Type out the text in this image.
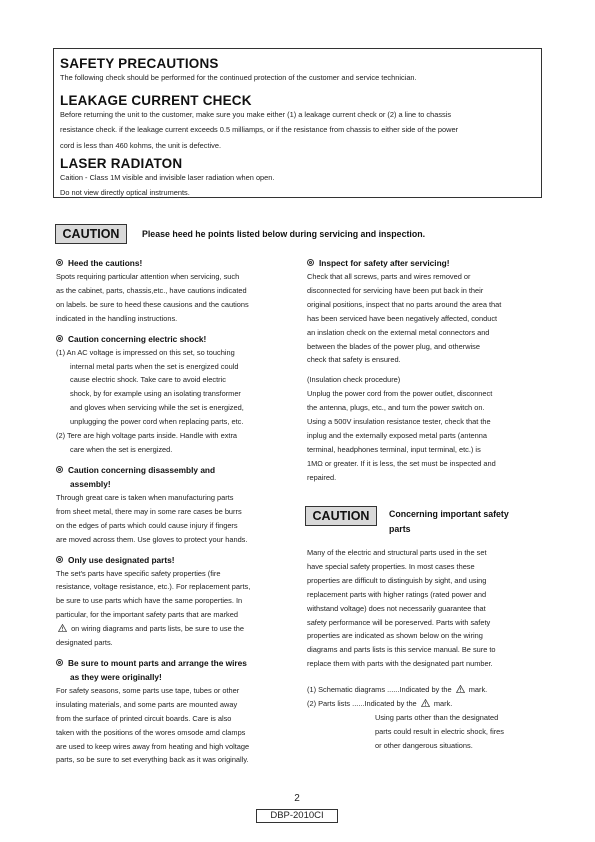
SAFETY PRECAUTIONS
The following check should be performed for the continued protection of the customer and service technician.
LEAKAGE CURRENT CHECK
Before returning the unit to the customer, make sure you make either (1) a leakage current check or (2) a line to chassis
resistance check. if the leakage current exceeds 0.5 milliamps, or if the resistance from chassis to either side of the power
cord is less than 460 kohms, the unit is defective.
LASER RADIATON
Caition - Class 1M visible and invisible laser radiation when open.
Do not view directly optical instruments.
CAUTION	Please heed he points listed below during servicing and inspection.
Heed the cautions!

Spots requiring particular attention when servicing, such

as the cabinet, parts, chassis,etc., have cautions indicated

on labels. be sure to heed these causions and the cautions

indicated in the handling instructions.

Caution concerning electric shock!

(1) An AC voltage is impressed on this set, so touching

internal metal parts when the set is energized could

cause electric shock. Take care to avoid electric

shock, by for example using an isolating transformer

and gloves when servicing while the set is energized,

unplugging the power cord when replacing parts, etc.

(2) Tere are high voltage parts inside. Handle with extra

care when the set is energized.

Caution concerning disassembly and
assembly!

Through great care is taken when manufacturing parts

from sheet metal, there may in some rare cases be burrs

on the edges of parts which could cause injury if fingers

are moved across them. Use gloves to protect your hands.

Only use designated parts!

The set's parts have specific safety properties (fire

resistance, voltage resistance, etc.). For replacement parts,

be sure to use parts which have the same poroperties. In

particular, for the important safety parts that are marked

on wiring diagrams and parts lists, be sure to use the

designated parts.

Be sure to mount parts and arrange the wires
as they were originally!

For safety seasons, some parts use tape, tubes or other

insulating materials, and some parts are mounted away

from the surface of printed circuit boards. Care is also

taken with the positions of the wores omsode amd clamps

are used to keep wires away from heating and high voltage

parts, so be sure to set everything back as it was originally.

Inspect for safety after servicing!

Check that all screws, parts and wires removed or

disconnected for servicing have been put back in their

original positions, inspect that no parts around the area that

has been serviced have been negatively affected, conduct

an inslation check on the external metal connectors and

between the blades of the power plug, and otherwise

check that safety is ensured.

(Insulation check procedure)

Unplug the power cord from the power outlet, disconnect

the antenna, plugs, etc., and turn the power switch on.

Using a 500V insulation resistance tester, check that the

inplug and the externally exposed metal parts (antenna

terminal, headphones terminal, input terminal, etc.) is

1MΩ or greater. If it is less, the set must be inspected and

repaired.

CAUTION	Concerning important safety
parts

Many of the electric and structural parts used in the set

have special safety properties. In most cases these

properties are difficult to distinguish by sight, and using

replacement parts with higher ratings (rated power and

withstand voltage) does not necessarily guarantee that

safety performance will be poreserved. Parts with safety

properties are indicated as shown below on the wiring

diagrams and parts lists is this service manual. Be sure to

replace them with parts with the designated part number.

(1) Schematic diagrams ......Indicated by the mark.

(2) Parts lists ......Indicated by the mark.

Using parts other than the designated

parts could result in electric shock, fires

or other dangerous situations.

2
DBP-2010CI
